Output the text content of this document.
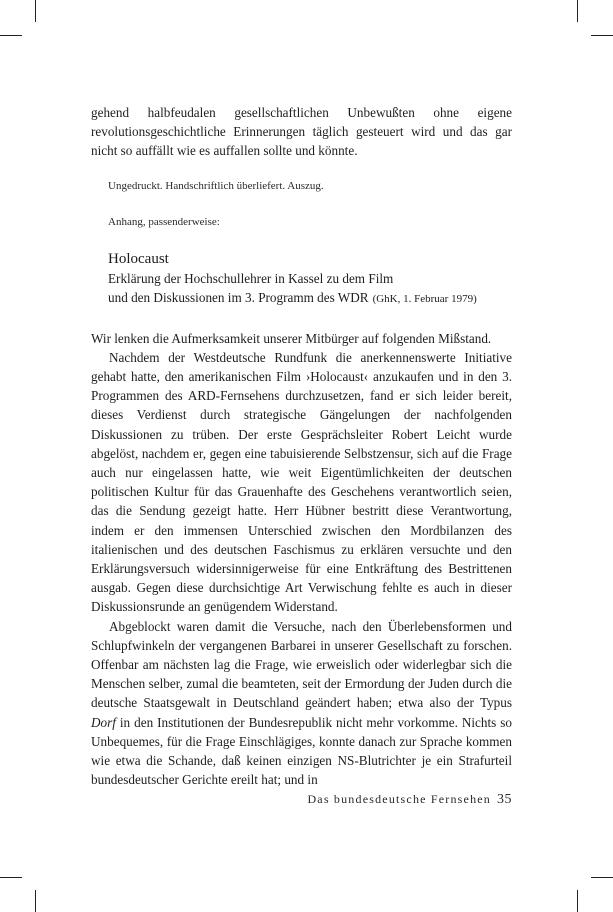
gehend halbfeudalen gesellschaftlichen Unbewußten ohne eigene revolutionsgeschichtliche Erinnerungen täglich gesteuert wird und das gar nicht so auffällt wie es auffallen sollte und könnte.

Ungedruckt. Handschriftlich überliefert. Auszug.
Anhang, passenderweise:
Holocaust
Erklärung der Hochschullehrer in Kassel zu dem Film
und den Diskussionen im 3. Programm des WDR (GhK, 1. Februar 1979)

Wir lenken die Aufmerksamkeit unserer Mitbürger auf folgenden Mißstand.

Nachdem der Westdeutsche Rundfunk die anerkennenswerte Initiative gehabt hatte, den amerikanischen Film ›Holocaust‹ anzukaufen und in den 3. Programmen des ARD-Fernsehens durchzusetzen, fand er sich leider bereit, dieses Verdienst durch strategische Gängelungen der nachfolgenden Diskussionen zu trüben. Der erste Gesprächsleiter Robert Leicht wurde abgelöst, nachdem er, gegen eine tabuisierende Selbstzensur, sich auf die Frage auch nur eingelassen hatte, wie weit Eigentümlichkeiten der deutschen politischen Kultur für das Grauenhafte des Geschehens verantwortlich seien, das die Sendung gezeigt hatte. Herr Hübner bestritt diese Verantwortung, indem er den immensen Unterschied zwischen den Mordbilanzen des italienischen und des deutschen Faschismus zu erklären versuchte und den Erklärungsversuch widersinnigerweise für eine Entkräftung des Bestrittenen ausgab. Gegen diese durchsichtige Art Verwischung fehlte es auch in dieser Diskussionsrunde an genügendem Widerstand.

Abgeblockt waren damit die Versuche, nach den Überlebensformen und Schlupfwinkeln der vergangenen Barbarei in unserer Gesellschaft zu forschen. Offenbar am nächsten lag die Frage, wie erweislich oder widerlegbar sich die Menschen selber, zumal die beamteten, seit der Ermordung der Juden durch die deutsche Staatsgewalt in Deutschland geändert haben; etwa also der Typus Dorf in den Institutionen der Bundesrepublik nicht mehr vorkomme. Nichts so Unbequemes, für die Frage Einschlägiges, konnte danach zur Sprache kommen wie etwa die Schande, daß keinen einzigen NS-Blutrichter je ein Strafurteil bundesdeutscher Gerichte ereilt hat; und in

Das bundesdeutsche Fernsehen 35
